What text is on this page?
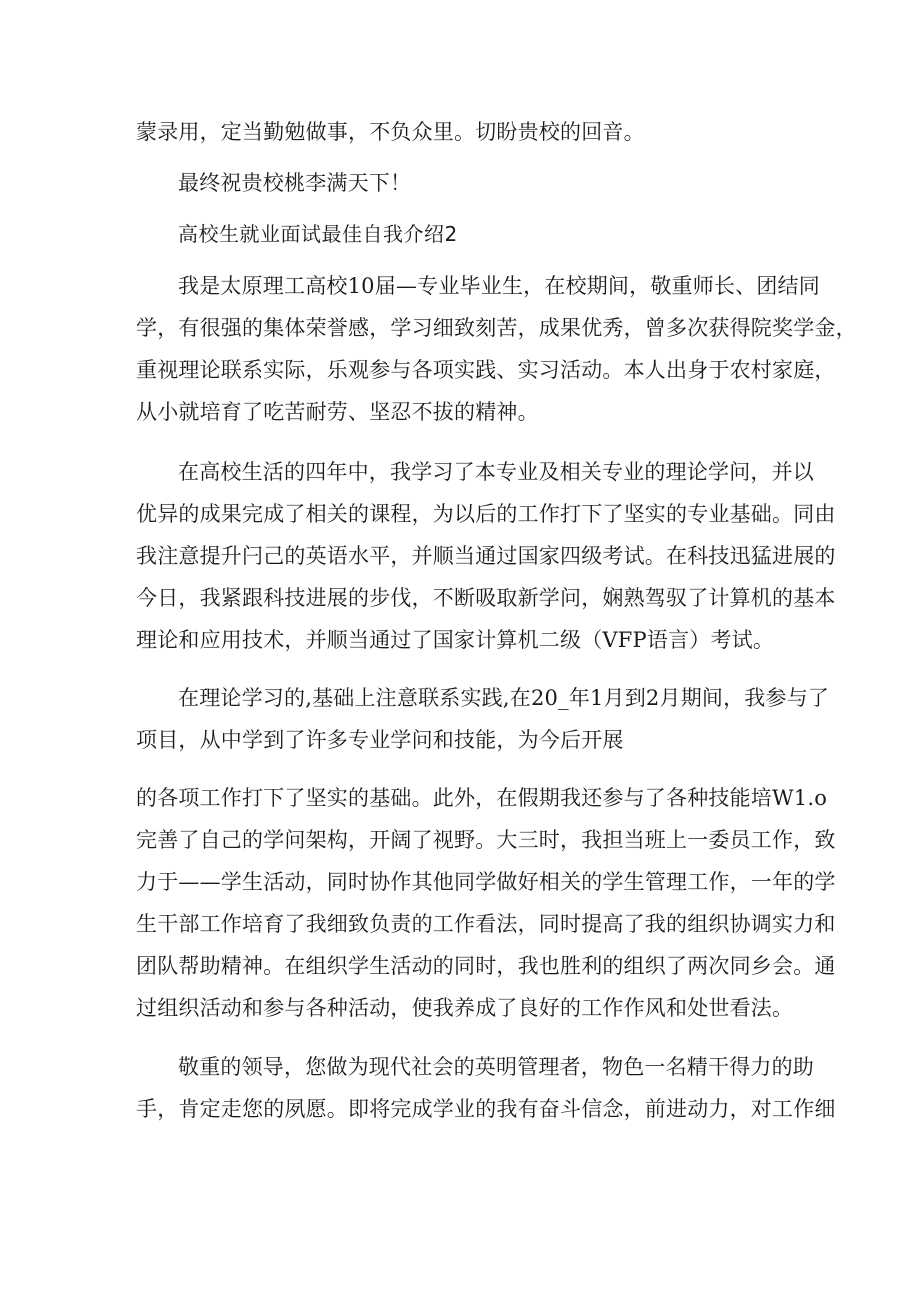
蒙录用，定当勤勉做事，不负众里。切盼贵校的回音。

最终祝贵校桃李满天下！

高校生就业面试最佳自我介绍2

我是太原理工高校10届—专业毕业生，在校期间，敬重师长、团结同

学，有很强的集体荣誉感，学习细致刻苦，成果优秀，曾多次获得院奖学金，

重视理论联系实际，乐观参与各项实践、实习活动。本人出身于农村家庭，

从小就培育了吃苦耐劳、坚忍不拔的精神。

在高校生活的四年中，我学习了本专业及相关专业的理论学问，并以

优异的成果完成了相关的课程，为以后的工作打下了坚实的专业基础。同由

我注意提升闩己的英语水平，并顺当通过国家四级考试。在科技迅猛进展的

今日，我紧跟科技进展的步伐，不断吸取新学问，娴熟驾驭了计算机的基本

理论和应用技术，并顺当通过了国家计算机二级（VFP语言）考试。

在理论学习的,基础上注意联系实践,在20_年1月到2月期间，我参与了

项目，从中学到了许多专业学问和技能，为今后开展

的各项工作打下了坚实的基础。此外，在假期我还参与了各种技能培W1.o

完善了自己的学问架构，开阔了视野。大三时，我担当班上一委员工作，致

力于——学生活动，同时协作其他同学做好相关的学生管理工作，一年的学

生干部工作培育了我细致负责的工作看法，同时提高了我的组织协调实力和

团队帮助精神。在组织学生活动的同时，我也胜利的组织了两次同乡会。通

过组织活动和参与各种活动，使我养成了良好的工作作风和处世看法。

敬重的领导，您做为现代社会的英明管理者，物色一名精干得力的助

手，肯定走您的夙愿。即将完成学业的我有奋斗信念，前进动力，对工作细
